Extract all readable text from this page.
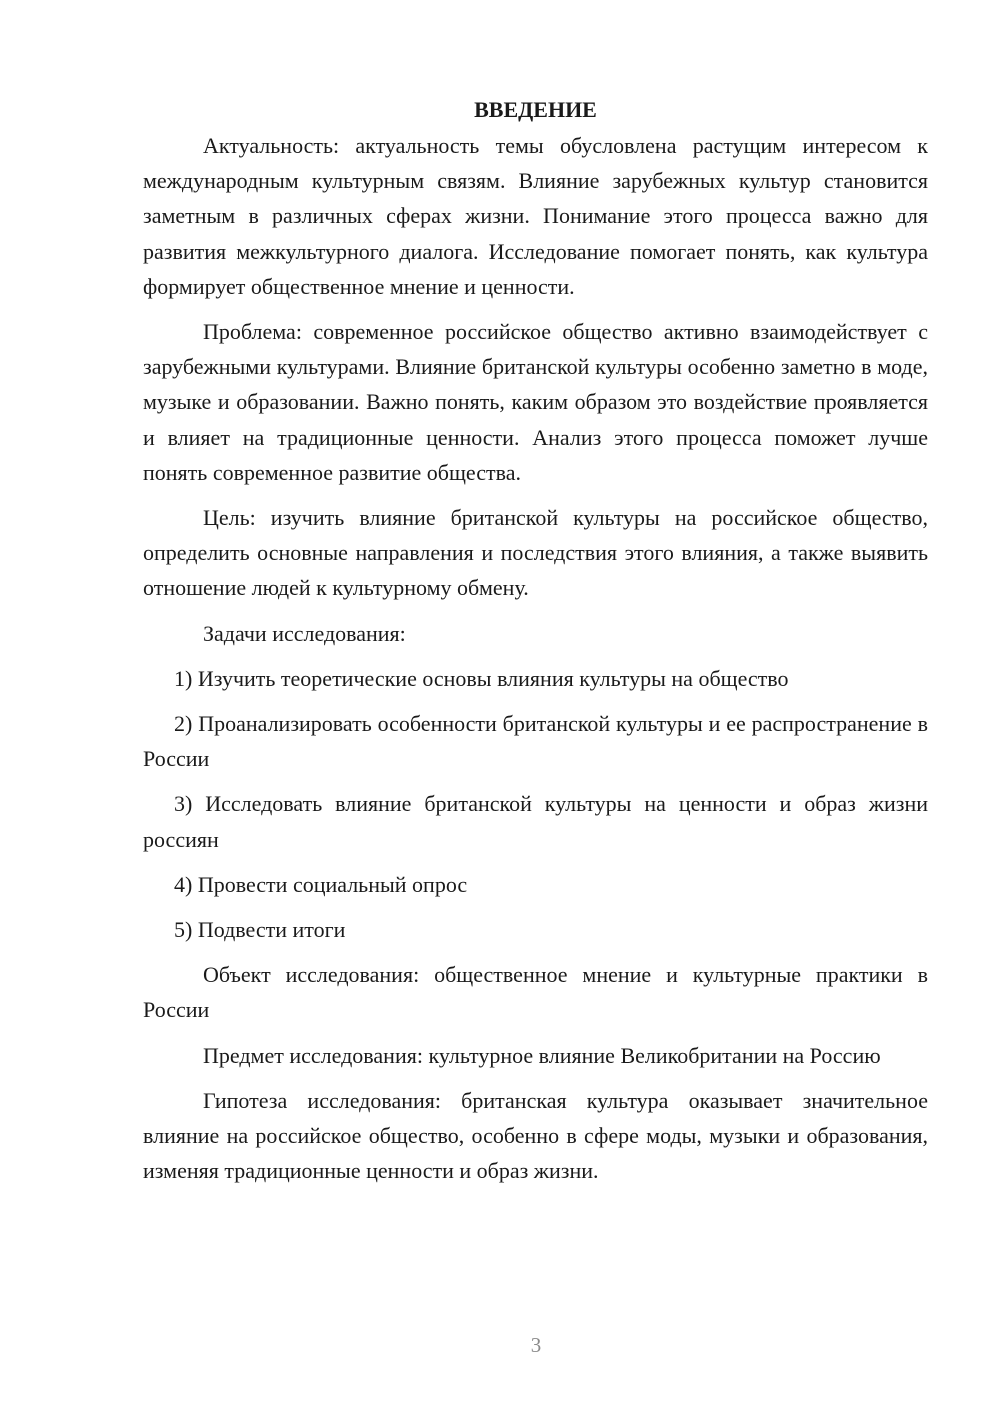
ВВЕДЕНИЕ

Актуальность: актуальность темы обусловлена растущим интересом к международным культурным связям. Влияние зарубежных культур становится заметным в различных сферах жизни. Понимание этого процесса важно для развития межкультурного диалога. Исследование помогает понять, как культура формирует общественное мнение и ценности.

Проблема: современное российское общество активно взаимодействует с зарубежными культурами. Влияние британской культуры особенно заметно в моде, музыке и образовании. Важно понять, каким образом это воздействие проявляется и влияет на традиционные ценности. Анализ этого процесса поможет лучше понять современное развитие общества.

Цель: изучить влияние британской культуры на российское общество, определить основные направления и последствия этого влияния, а также выявить отношение людей к культурному обмену.

Задачи исследования:

1) Изучить теоретические основы влияния культуры на общество

2) Проанализировать особенности британской культуры и ее распространение в России

3) Исследовать влияние британской культуры на ценности и образ жизни россиян

4) Провести социальный опрос

5) Подвести итоги

Объект исследования: общественное мнение и культурные практики в России

Предмет исследования: культурное влияние Великобритании на Россию

Гипотеза исследования: британская культура оказывает значительное влияние на российское общество, особенно в сфере моды, музыки и образования, изменяя традиционные ценности и образ жизни.

3
